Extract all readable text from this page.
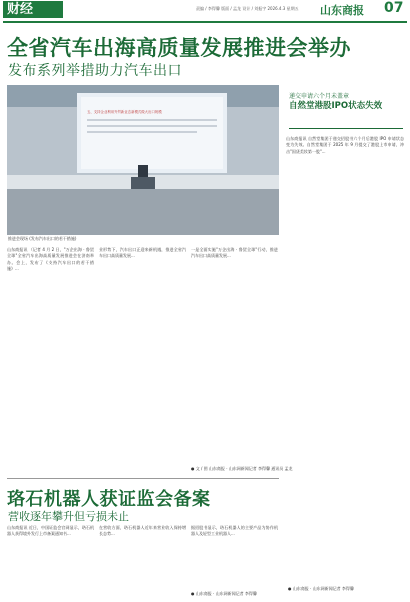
财经	责编 / 李得馨 版面 / 孟龙 设计 / 刘振宇 2026.4.3 星期五 山东商报 07
全省汽车出海高质量发展推进会举办
发布系列举措助力汽车出口
五、支持企业利用外贸新业态新模式做大出口规模
推进会现场 (发布汽车出口的若干措施)
山东商报讯 （记者 4 月 2 日，"万企出海 · 鲁贸全球"全省汽车出海高质量发展推进会在济南举办。会上，发布了《支持汽车出口的若干措施》...
业形势下，汽车出口正迎来新机遇，推进全省汽车出口高质量发展...
一是全面实施"万企出海 · 鲁贸全球"行动，推进汽车出口高质量发展...
● 文 / 图 山东商报 · 山东网新闻记者 李得馨 通讯员 孟龙
珞石机器人获证监会备案
营收逐年攀升但亏损未止
山东商报讯 近日，中国证监会官网显示，珞石机器人获得境外发行上市备案通知书...
在营收方面，珞石机器人近年来营业收入保持增长态势...
据招股书显示，珞石机器人的主要产品为协作机器人及轻型工业机器人...
● 山东商报 · 山东网新闻记者 李得馨
递交申请六个月未盖章
自然堂港股IPO状态失效
山东商报讯 自然堂集团于递交招股书六个月后港股 IPO 申请状态变为失效。自然堂集团于 2025 年 9 月提交了港股上市申请，冲击"国货美妆第一股"...
● 山东商报 · 山东网新闻记者 李得馨
